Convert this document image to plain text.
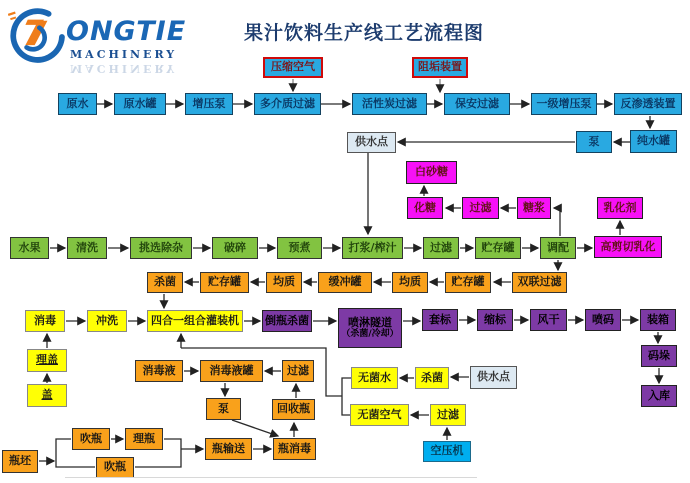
ONGTIE
MACHINERY
MACHINERY
果汁饮料生产线工艺流程图
原水	原水罐	增压泵	多介质过滤	活性炭过滤	保安过滤	一级增压泵	反渗透装置
压缩空气	阻垢装置
纯水罐
泵
供水点
白砂糖
化糖	过滤	糖浆	乳化剂
高剪切乳化
水果	清洗	挑选除杂	破碎	预煮	打浆/榨汁	过滤	贮存罐	调配
杀菌	贮存罐	均质	缓冲罐	均质	贮存罐	双联过滤
消毒	冲洗	四合一组合灌装机 倒瓶杀菌	喷淋隧道
（杀菌/冷却）
套标	缩标	风干	喷码	装箱
码垛
入库
理盖
盖
消毒液	消毒液罐	过滤
泵	回收瓶
无菌水	杀菌	供水点
无菌空气	过滤
空压机
瓶坯
吹瓶	理瓶
吹瓶
瓶输送	瓶消毒
